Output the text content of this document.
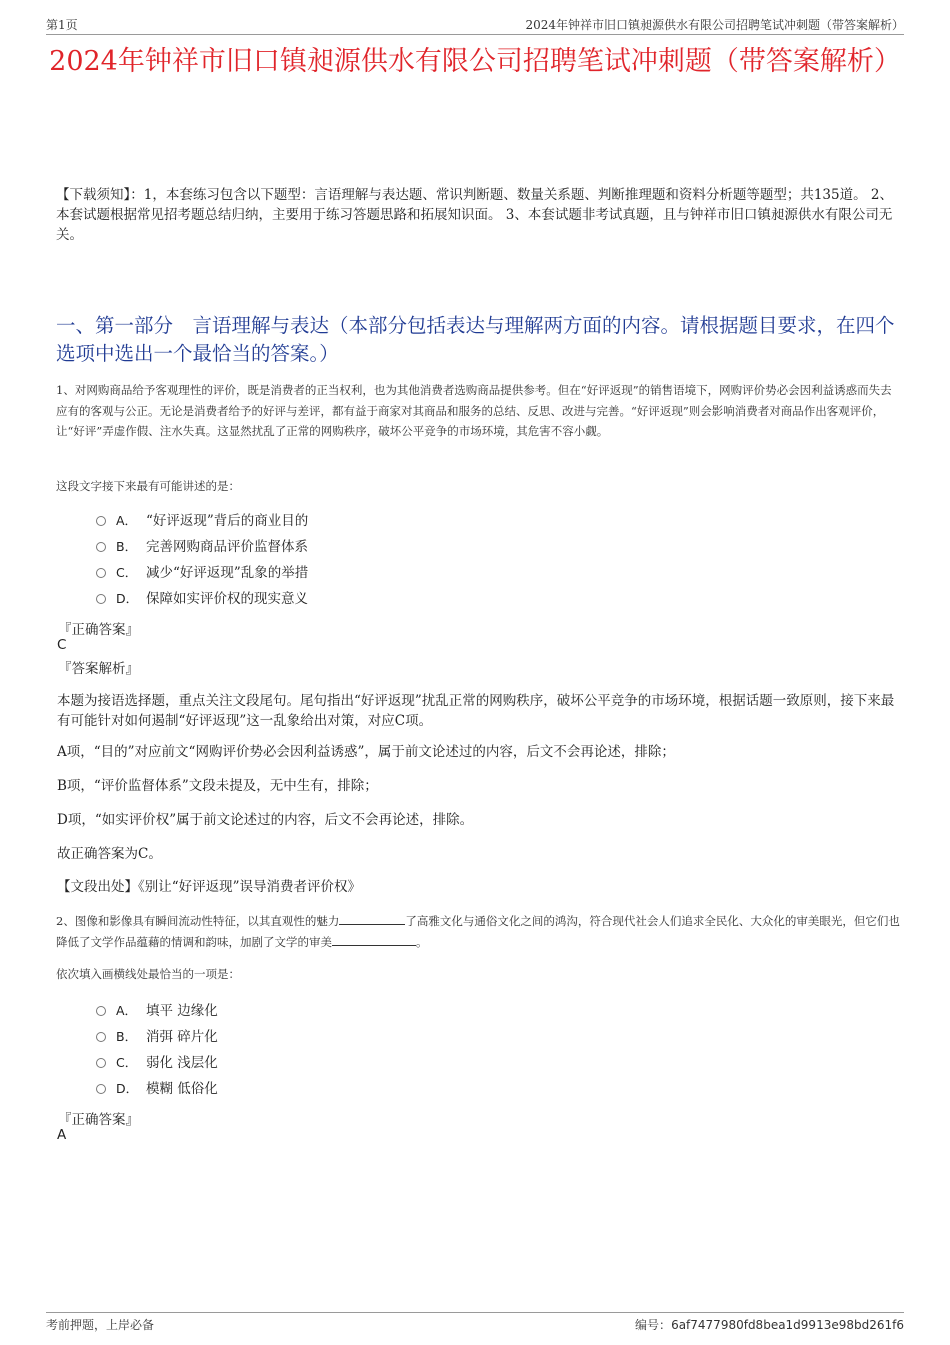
第1页	2024年钟祥市旧口镇昶源供水有限公司招聘笔试冲刺题（带答案解析）
2024年钟祥市旧口镇昶源供水有限公司招聘笔试冲刺题（带答案解析）
【下载须知】：1，本套练习包含以下题型：言语理解与表达题、常识判断题、数量关系题、判断推理题和资料分析题等题型；共135道。 2、本套试题根据常见招考题总结归纳，主要用于练习答题思路和拓展知识面。 3、本套试题非考试真题，且与钟祥市旧口镇昶源供水有限公司无关。
一、第一部分　言语理解与表达（本部分包括表达与理解两方面的内容。请根据题目要求，在四个选项中选出一个最恰当的答案。）
1、对网购商品给予客观理性的评价，既是消费者的正当权利，也为其他消费者选购商品提供参考。但在“好评返现”的销售语境下，网购评价势必会因利益诱惑而失去应有的客观与公正。无论是消费者给予的好评与差评，都有益于商家对其商品和服务的总结、反思、改进与完善。“好评返现”则会影响消费者对商品作出客观评价，让“好评”弄虚作假、注水失真。这显然扰乱了正常的网购秩序，破坏公平竞争的市场环境，其危害不容小觑。
这段文字接下来最有可能讲述的是：
A． “好评返现”背后的商业目的
B． 完善网购商品评价监督体系
C． 减少“好评返现”乱象的举措
D． 保障如实评价权的现实意义
『正确答案』
C
『答案解析』
本题为接语选择题，重点关注文段尾句。尾句指出“好评返现”扰乱正常的网购秩序，破坏公平竞争的市场环境，根据话题一致原则，接下来最有可能针对如何遏制“好评返现”这一乱象给出对策，对应C项。
A项，“目的”对应前文“网购评价势必会因利益诱惑”，属于前文论述过的内容，后文不会再论述，排除；
B项，“评价监督体系”文段未提及，无中生有，排除；
D项，“如实评价权”属于前文论述过的内容，后文不会再论述，排除。
故正确答案为C。
【文段出处】《别让“好评返现”误导消费者评价权》
2、图像和影像具有瞬间流动性特征，以其直观性的魅力	了高雅文化与通俗文化之间的鸿沟，符合现代社会人们追求全民化、大众化的审美眼光，但它们也降低了文学作品蕴藉的情调和韵味，加剧了文学的审美	。
依次填入画横线处最恰当的一项是：
A． 填平 边缘化
B． 消弭 碎片化
C． 弱化 浅层化
D． 模糊 低俗化
『正确答案』
A
考前押题，上岸必备	编号：6af7477980fd8bea1d9913e98bd261f6
